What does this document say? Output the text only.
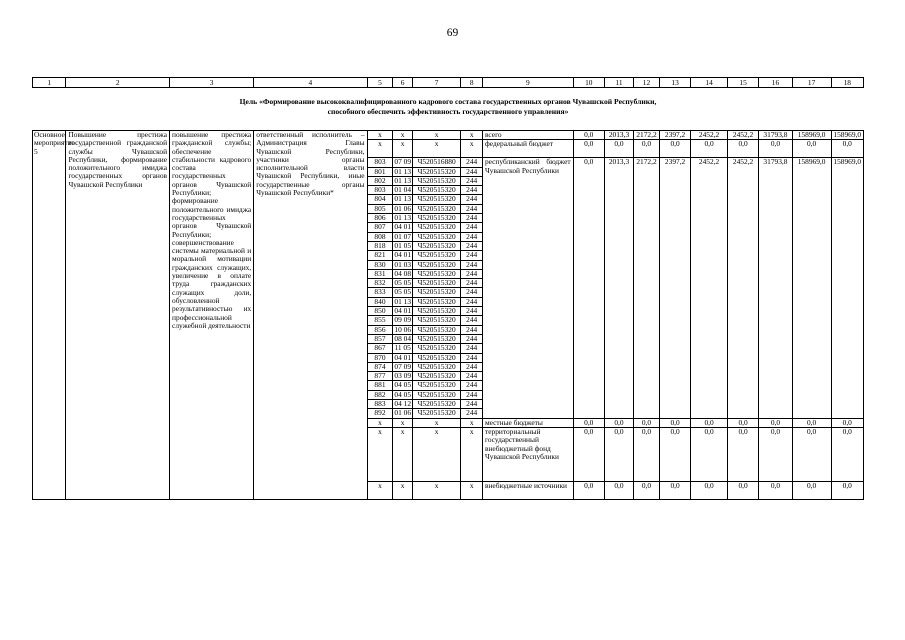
69
1	2	3	4	5	6	7	8	9	10	11	12	13	14	15	16	17	18
Цель «Формирование высококвалифицированного кадрового состава государственных органов Чувашской Республики,
способного обеспечить эффективность государственного управления»
Основное мероприятие 5	Повышение престижа государственной гражданской службы Чувашской Республики, формирование положительного имиджа государственных органов Чувашской Республики	повышение престижа гражданской службы; обеспечение стабильности кадрового состава государственных органов Чувашской Республики; формирование положительного имиджа государственных органов Чувашской Республики; совершенствование системы материальной и моральной мотивации гражданских служащих, увеличение в оплате труда гражданских служащих доли, обусловленной результативностью их профессиональной служебной деятельности	ответственный исполнитель – Администрация Главы Чувашской Республики, участники органы исполнительной власти Чувашской Республики, иные государственные органы Чувашской Республики*	x	x	x	x	всего	0,0	2013,3	2172,2	2397,2	2452,2	2452,2	31793,8	158969,0	158969,0
				x	x	x	x	федеральный бюджет	0,0	0,0	0,0	0,0	0,0	0,0	0,0	0,0	0,0
				803	07 09	Ч520516880	244	республиканский бюджет Чувашской Республики	0,0	2013,3	2172,2	2397,2	2452,2	2452,2	31793,8	158969,0	158969,0
				801	01 13	Ч520515320	244										
				802	01 13	Ч520515320	244										
				803	01 04	Ч520515320	244										
				804	01 13	Ч520515320	244										
				805	01 06	Ч520515320	244										
				806	01 13	Ч520515320	244										
				807	04 01	Ч520515320	244										
				808	01 07	Ч520515320	244										
				818	01 05	Ч520515320	244										
				821	04 01	Ч520515320	244										
				830	01 03	Ч520515320	244										
				831	04 08	Ч520515320	244										
				832	05 05	Ч520515320	244										
				833	05 05	Ч520515320	244										
				840	01 13	Ч520515320	244										
				850	04 01	Ч520515320	244										
				855	09 09	Ч520515320	244										
				856	10 06	Ч520515320	244										
				857	08 04	Ч520515320	244										
				867	11 05	Ч520515320	244										
				870	04 01	Ч520515320	244										
				874	07 09	Ч520515320	244										
				877	03 09	Ч520515320	244										
				881	04 05	Ч520515320	244										
				882	04 05	Ч520515320	244										
				883	04 12	Ч520515320	244										
				892	01 06	Ч520515320	244										
				x	x	x	x	местные бюджеты	0,0	0,0	0,0	0,0	0,0	0,0	0,0	0,0	0,0
				x	x	x	x	территориальный государственный внебюджетный фонд Чувашской Республики	0,0	0,0	0,0	0,0	0,0	0,0	0,0	0,0	0,0
				x	x	x	x	внебюджетные источники	0,0	0,0	0,0	0,0	0,0	0,0	0,0	0,0	0,0
